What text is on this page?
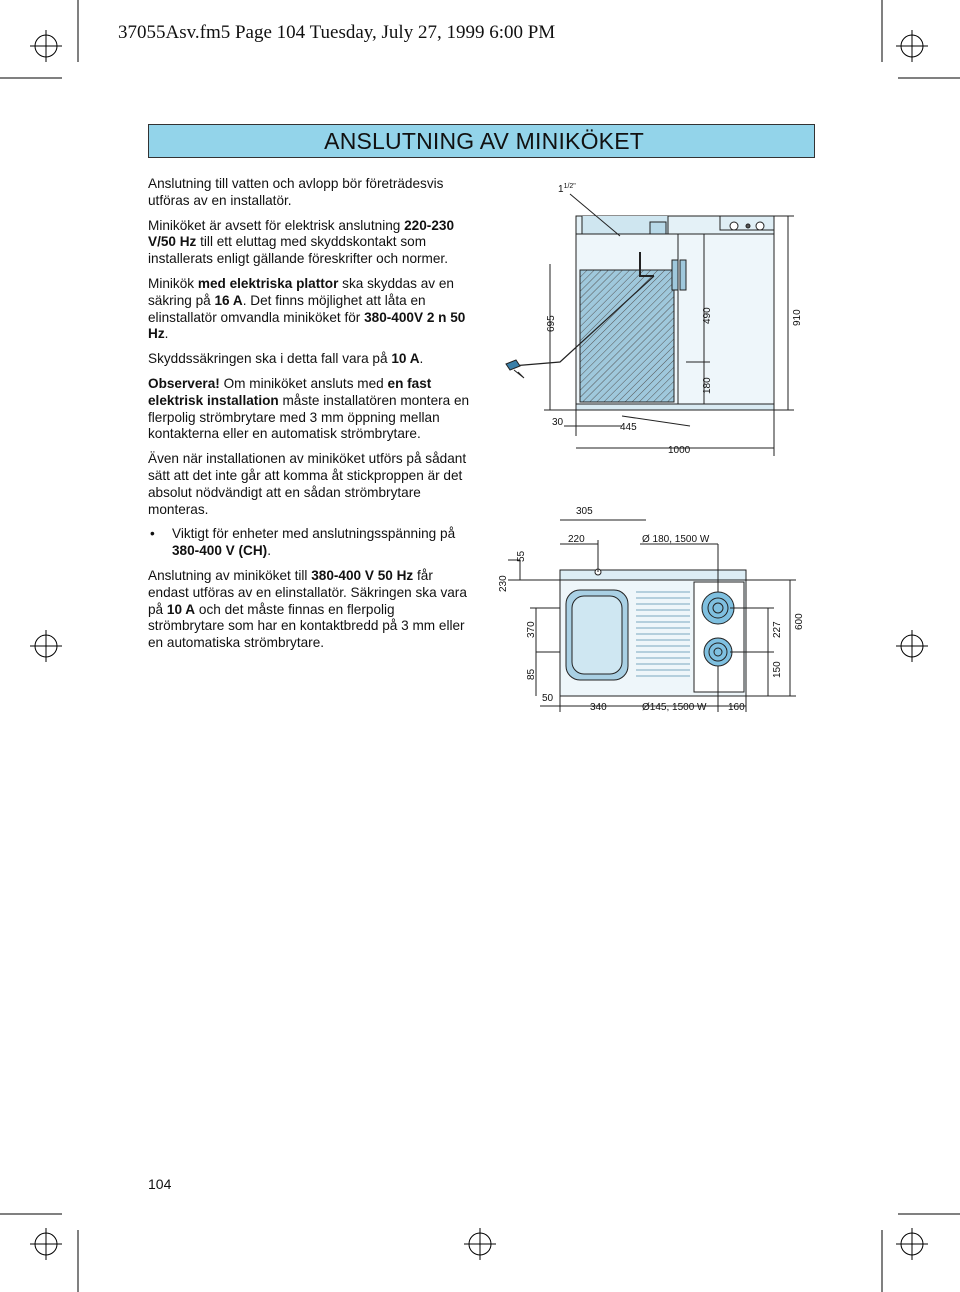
37055Asv.fm5 Page 104 Tuesday, July 27, 1999 6:00 PM
ANSLUTNING AV MINIKÖKET

Anslutning till vatten och avlopp bör företrädesvis utföras av en installatör.

Miniköket är avsett för elektrisk anslutning 220-230 V/50 Hz till ett eluttag med skyddskontakt som installerats enligt gällande föreskrifter och normer.

Minikök med elektriska plattor ska skyddas av en säkring på 16 A. Det finns möjlighet att låta en elinstallatör omvandla miniköket för 380-400V 2 n 50 Hz.

Skyddssäkringen ska i detta fall vara på 10 A.

Observera! Om miniköket ansluts med en fast elektrisk installation måste installatören montera en flerpolig strömbrytare med 3 mm öppning mellan kontakterna eller en automatisk strömbrytare.

Även när installationen av miniköket utförs på sådant sätt att det inte går att komma åt stickproppen är det absolut nödvändigt att en sådan strömbrytare monteras.

• Viktigt för enheter med anslutningsspänning på 380-400 V (CH).

Anslutning av miniköket till 380-400 V 50 Hz får endast utföras av en elinstallatör. Säkringen ska vara på 10 A och det måste finnas en flerpolig strömbrytare som har en kontaktbredd på 3 mm eller en automatiska strömbrytare.

$1^{1/2"}$
695	490	910
180
30	445
1000
305
220	Ø 180, 1500 W
55
230
370
85
227 600
150
50
340	Ø145, 1500 W 160
104
